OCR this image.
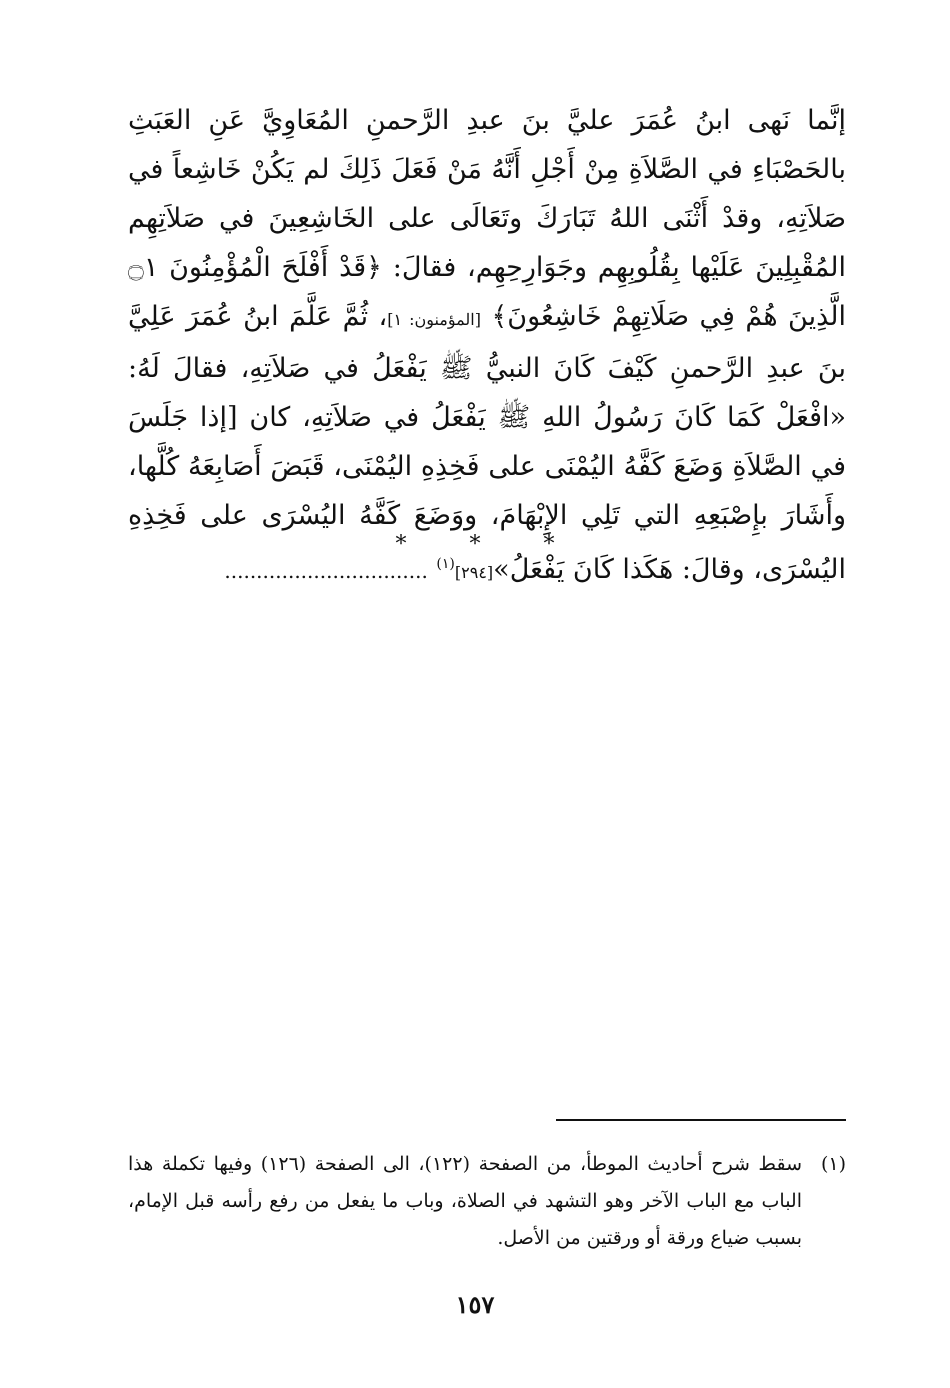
إنَّما نَهى ابنُ عُمَرَ عليَّ بنَ عبدِ الرَّحمنِ المُعَاوِيَّ عَنِ العَبَثِ بالحَصْبَاءِ في الصَّلاَةِ مِنْ أَجْلِ أَنَّهُ مَنْ فَعَلَ ذَلِكَ لم يَكُنْ خَاشِعاً في صَلاَتِهِ، وقدْ أَثْنَى اللهُ تَبَارَكَ وتَعَالَى على الخَاشِعِينَ في صَلاَتِهِم المُقْبِلِينَ عَلَيْها بِقُلُوبِهِم وجَوَارِحِهِم، فقالَ: ﴿قَدْ أَفْلَحَ الْمُؤْمِنُونَ ۝١ الَّذِينَ هُمْ فِي صَلَاتِهِمْ خَاشِعُونَ﴾ [المؤمنون: ١]، ثُمَّ عَلَّمَ ابنُ عُمَرَ عَلِيَّ بنَ عبدِ الرَّحمنِ كَيْفَ كَانَ النبيُّ ﷺ يَفْعَلُ في صَلاَتِهِ، فقالَ لَهُ: «افْعَلْ كَمَا كَانَ رَسُولُ اللهِ ﷺ يَفْعَلُ في صَلاَتِهِ، كان [إذا جَلَسَ في الصَّلاَةِ وَضَعَ كَفَّهُ اليُمْنَى على فَخِذِهِ اليُمْنَى، قَبَضَ أَصَابِعَهُ كُلَّها، وأَشَارَ بإِصْبَعِهِ التي تَلِي الإِبْهَامَ، ووَضَعَ كَفَّهُ اليُسْرَى على فَخِذِهِ اليُسْرَى، وقالَ: هَكَذا كَانَ يَفْعَلُ»[٢٩٤]$^{(١)}$ ................................

* * *
(١)
سقط شرح أحاديث الموطأ، من الصفحة (١٢٢)، الى الصفحة (١٢٦) وفيها تكملة هذا الباب مع الباب الآخر وهو التشهد في الصلاة، وباب ما يفعل من رفع رأسه قبل الإمام، بسبب ضياع ورقة أو ورقتين من الأصل.
١٥٧
